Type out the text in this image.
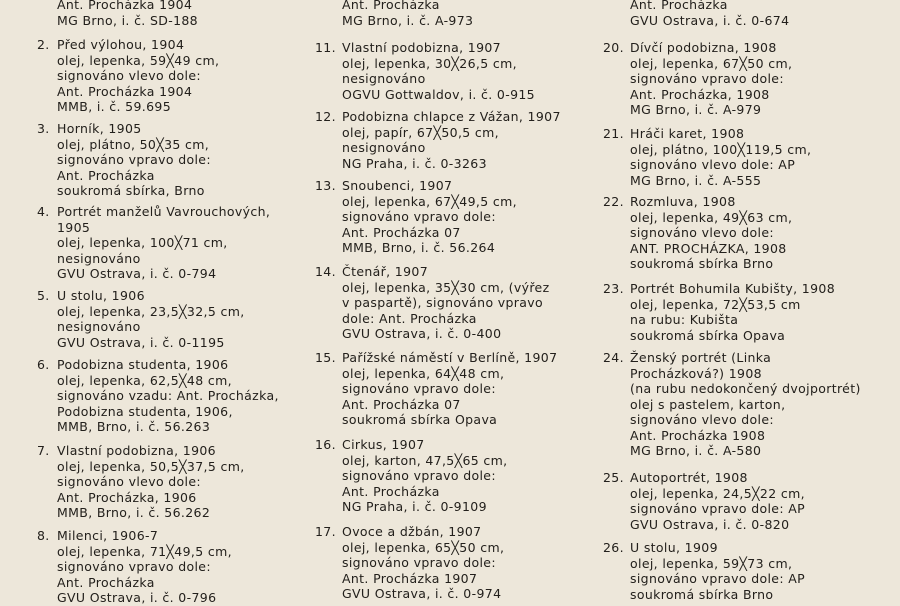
Ant. Procházka 1904
MG Brno, i. č. SD-188
2. Před výlohou, 1904
olej, lepenka, 59╳49 cm,
signováno vlevo dole:
Ant. Procházka 1904
MMB, i. č. 59.695
3. Horník, 1905
olej, plátno, 50╳35 cm,
signováno vpravo dole:
Ant. Procházka
soukromá sbírka, Brno
4. Portrét manželů Vavrouchových,
1905
olej, lepenka, 100╳71 cm,
nesignováno
GVU Ostrava, i. č. 0-794
5. U stolu, 1906
olej, lepenka, 23,5╳32,5 cm,
nesignováno
GVU Ostrava, i. č. 0-1195
6. Podobizna studenta, 1906
olej, lepenka, 62,5╳48 cm,
signováno vzadu: Ant. Procházka,
Podobizna studenta, 1906,
MMB, Brno, i. č. 56.263
7. Vlastní podobizna, 1906
olej, lepenka, 50,5╳37,5 cm,
signováno vlevo dole:
Ant. Procházka, 1906
MMB, Brno, i. č. 56.262
8. Milenci, 1906-7
olej, lepenka, 71╳49,5 cm,
signováno vpravo dole:
Ant. Procházka
GVU Ostrava, i. č. 0-796
Ant. Procházka
MG Brno, i. č. A-973
11. Vlastní podobizna, 1907
olej, lepenka, 30╳26,5 cm,
nesignováno
OGVU Gottwaldov, i. č. 0-915
12. Podobizna chlapce z Vážan, 1907
olej, papír, 67╳50,5 cm,
nesignováno
NG Praha, i. č. 0-3263
13. Snoubenci, 1907
olej, lepenka, 67╳49,5 cm,
signováno vpravo dole:
Ant. Procházka 07
MMB, Brno, i. č. 56.264
14. Čtenář, 1907
olej, lepenka, 35╳30 cm, (výřez
v paspartě), signováno vpravo
dole: Ant. Procházka
GVU Ostrava, i. č. 0-400
15. Pařížské náměstí v Berlíně, 1907
olej, lepenka, 64╳48 cm,
signováno vpravo dole:
Ant. Procházka 07
soukromá sbírka Opava
16. Cirkus, 1907
olej, karton, 47,5╳65 cm,
signováno vpravo dole:
Ant. Procházka
NG Praha, i. č. 0-9109
17. Ovoce a džbán, 1907
olej, lepenka, 65╳50 cm,
signováno vpravo dole:
Ant. Procházka 1907
GVU Ostrava, i. č. 0-974
Ant. Procházka
GVU Ostrava, i. č. 0-674
20. Dívčí podobizna, 1908
olej, lepenka, 67╳50 cm,
signováno vpravo dole:
Ant. Procházka, 1908
MG Brno, i. č. A-979
21. Hráči karet, 1908
olej, plátno, 100╳119,5 cm,
signováno vlevo dole: AP
MG Brno, i. č. A-555
22. Rozmluva, 1908
olej, lepenka, 49╳63 cm,
signováno vlevo dole:
ANT. PROCHÁZKA, 1908
soukromá sbírka Brno
23. Portrét Bohumila Kubišty, 1908
olej, lepenka, 72╳53,5 cm
na rubu: Kubišta
soukromá sbírka Opava
24. Ženský portrét (Linka
Procházková?) 1908
(na rubu nedokončený dvojportrét)
olej s pastelem, karton,
signováno vlevo dole:
Ant. Procházka 1908
MG Brno, i. č. A-580
25. Autoportrét, 1908
olej, lepenka, 24,5╳22 cm,
signováno vpravo dole: AP
GVU Ostrava, i. č. 0-820
26. U stolu, 1909
olej, lepenka, 59╳73 cm,
signováno vpravo dole: AP
soukromá sbírka Brno
